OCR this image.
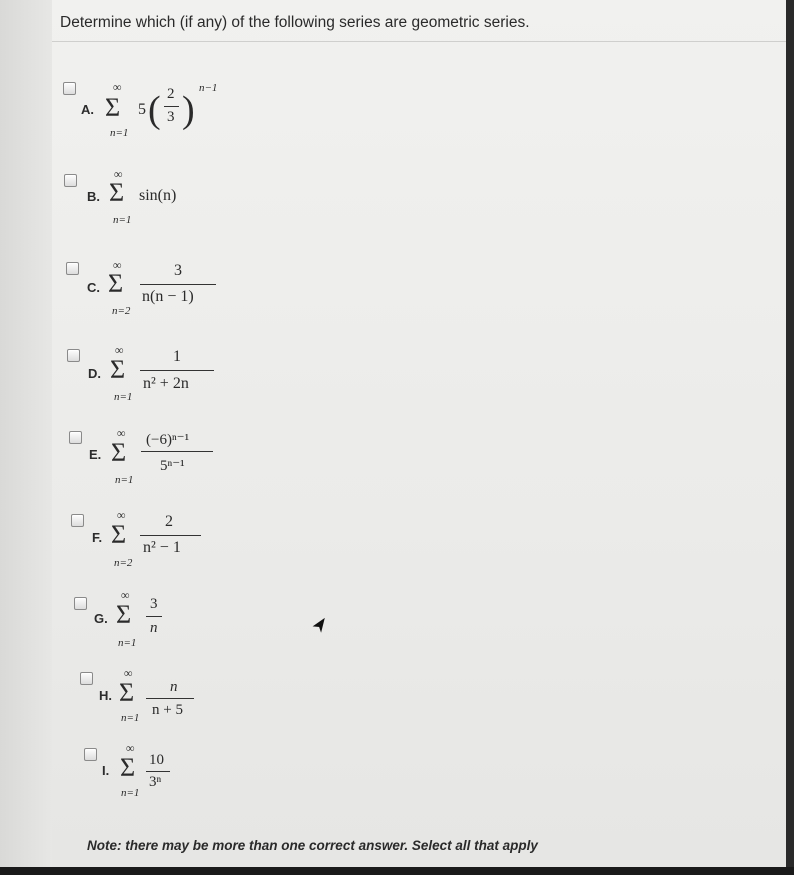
Determine which (if any) of the following series are geometric series.
A.
∞
Σ
n=1
5 ( 2
3 )
n−1
B.
∞
Σ
n=1
sin(n)
C.
∞
Σ
n=2
3
n(n − 1)
D.
∞
Σ
n=1
1
n² + 2n
E.
∞
Σ
n=1
(−6)ⁿ⁻¹
5ⁿ⁻¹
F.
∞
Σ
n=2
2
n² − 1
G.
∞
Σ
n=1
3
n
H.
∞
Σ
n=1
n
n + 5
I.
∞
Σ
n=1
10
3ⁿ
Note: there may be more than one correct answer. Select all that apply
